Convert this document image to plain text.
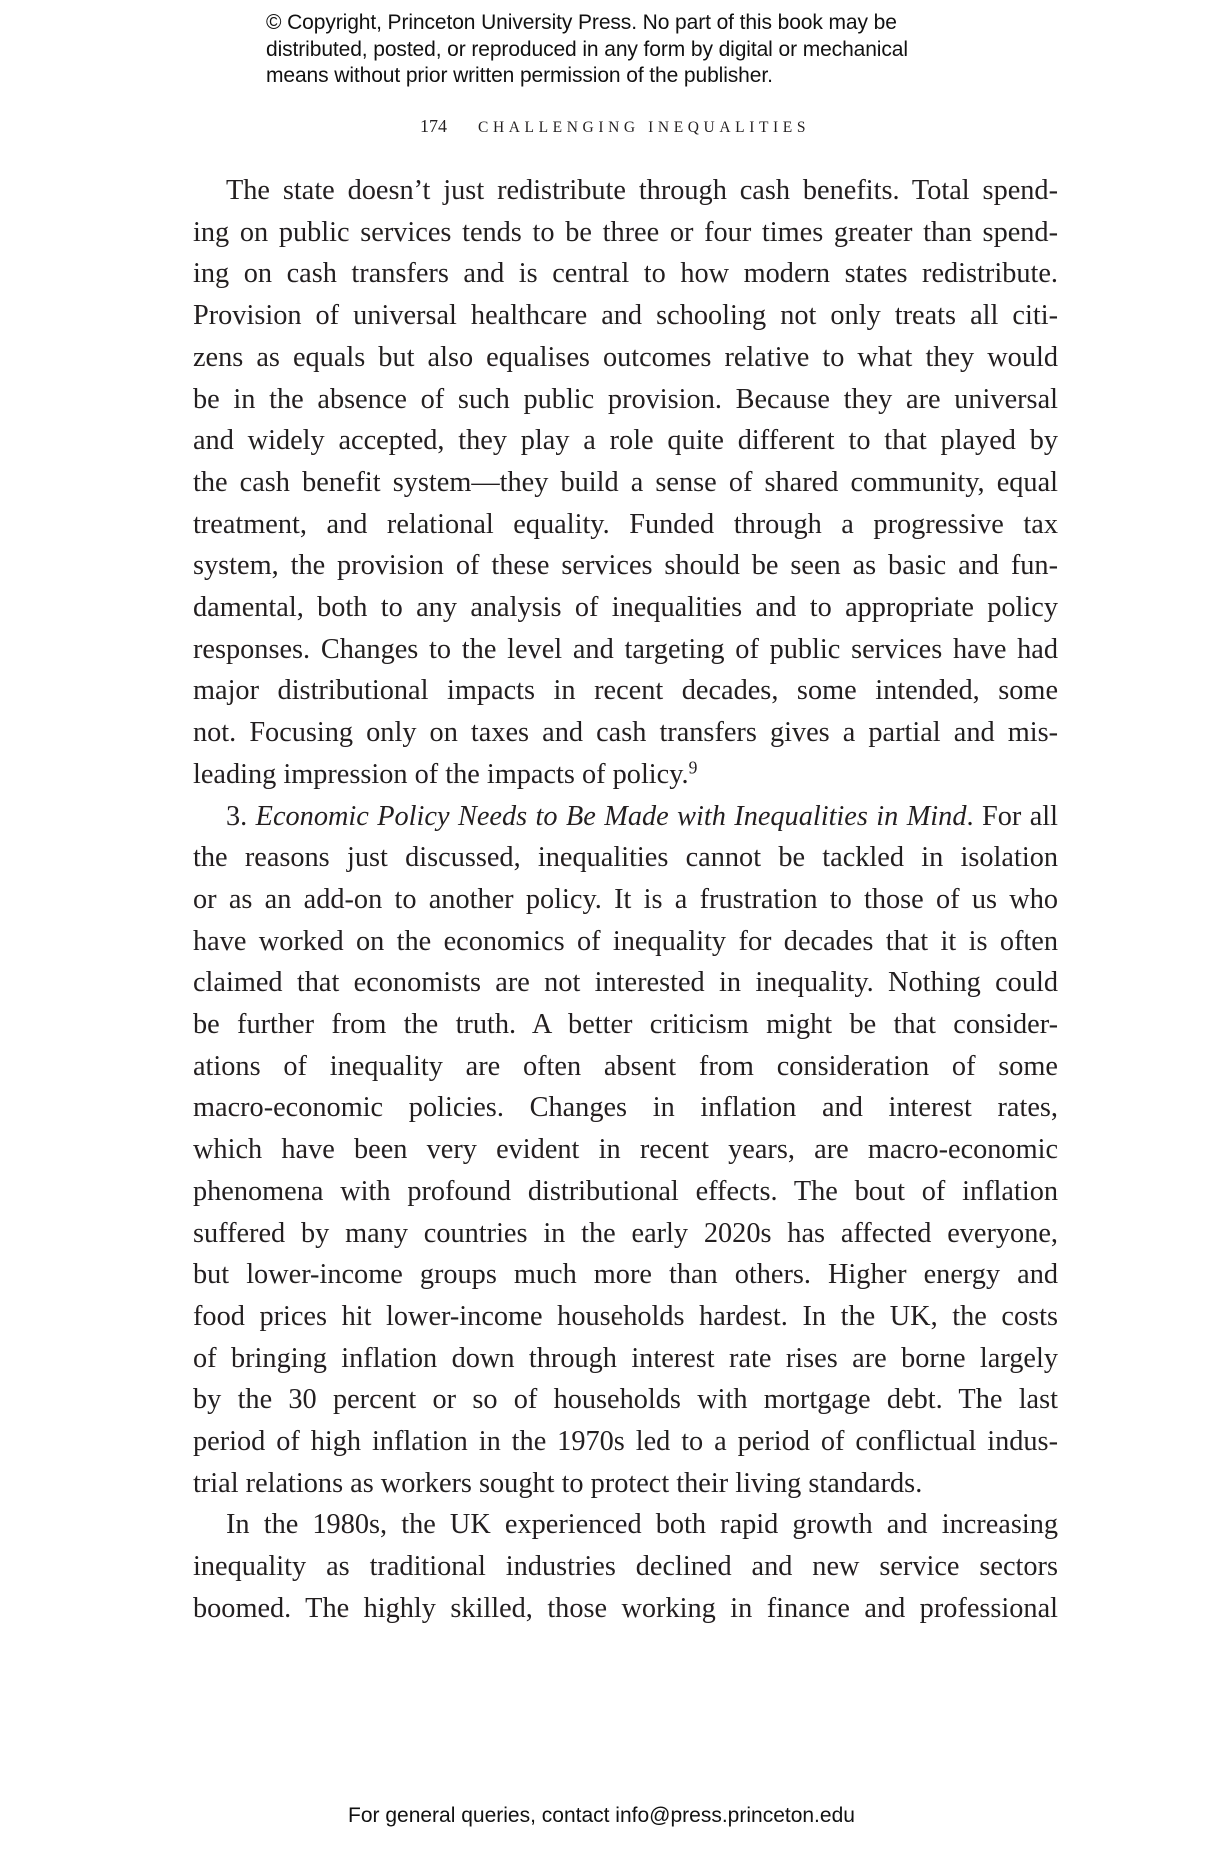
© Copyright, Princeton University Press. No part of this book may be
distributed, posted, or reproduced in any form by digital or mechanical
means without prior written permission of the publisher.
174 CHALLENGING INEQUALITIES
The state doesn’t just redistribute through cash benefits. Total spend-
ing on public services tends to be three or four times greater than spend-
ing on cash transfers and is central to how modern states redistribute.
Provision of universal healthcare and schooling not only treats all citi-
zens as equals but also equalises outcomes relative to what they would
be in the absence of such public provision. Because they are universal
and widely accepted, they play a role quite different to that played by
the cash benefit system—they build a sense of shared community, equal
treatment, and relational equality. Funded through a progressive tax
system, the provision of these services should be seen as basic and fun-
damental, both to any analysis of inequalities and to appropriate policy
responses. Changes to the level and targeting of public services have had
major distributional impacts in recent decades, some intended, some
not. Focusing only on taxes and cash transfers gives a partial and mis-
leading impression of the impacts of policy.$^9$
3. Economic Policy Needs to Be Made with Inequalities in Mind. For all
the reasons just discussed, inequalities cannot be tackled in isolation
or as an add-on to another policy. It is a frustration to those of us who
have worked on the economics of inequality for decades that it is often
claimed that economists are not interested in inequality. Nothing could
be further from the truth. A better criticism might be that consider-
ations of inequality are often absent from consideration of some
macro-economic policies. Changes in inflation and interest rates,
which have been very evident in recent years, are macro-economic
phenomena with profound distributional effects. The bout of inflation
suffered by many countries in the early 2020s has affected everyone,
but lower-income groups much more than others. Higher energy and
food prices hit lower-income households hardest. In the UK, the costs
of bringing inflation down through interest rate rises are borne largely
by the 30 percent or so of households with mortgage debt. The last
period of high inflation in the 1970s led to a period of conflictual indus-
trial relations as workers sought to protect their living standards.
In the 1980s, the UK experienced both rapid growth and increasing
inequality as traditional industries declined and new service sectors
boomed. The highly skilled, those working in finance and professional
For general queries, contact info@press.princeton.edu
